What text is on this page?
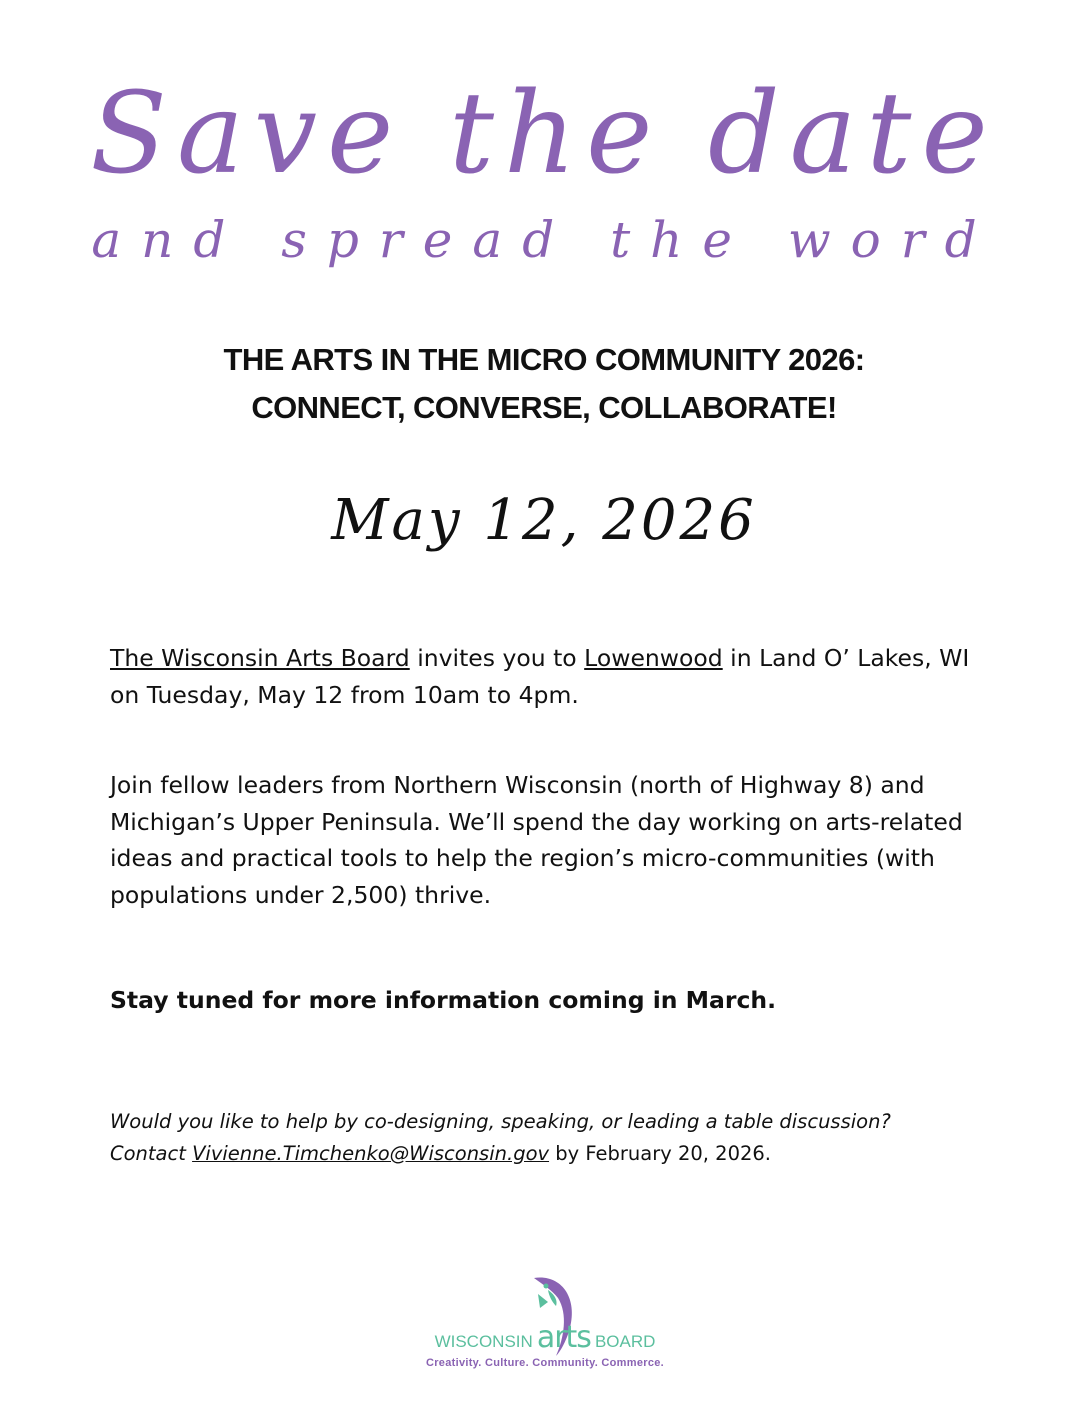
Save the date
and spread the word
THE ARTS IN THE MICRO COMMUNITY 2026:
CONNECT, CONVERSE, COLLABORATE!
May 12, 2026

The Wisconsin Arts Board invites you to Lowenwood in Land O’ Lakes, WI on Tuesday, May 12 from 10am to 4pm.

Join fellow leaders from Northern Wisconsin (north of Highway 8) and Michigan’s Upper Peninsula. We’ll spend the day working on arts-related ideas and practical tools to help the region’s micro-communities (with populations under 2,500) thrive.

Stay tuned for more information coming in March.

Would you like to help by co-designing, speaking, or leading a table discussion?
Contact Vivienne.Timchenko@Wisconsin.gov by February 20, 2026.

WISCONSIN arts BOARD
Creativity. Culture. Community. Commerce.
